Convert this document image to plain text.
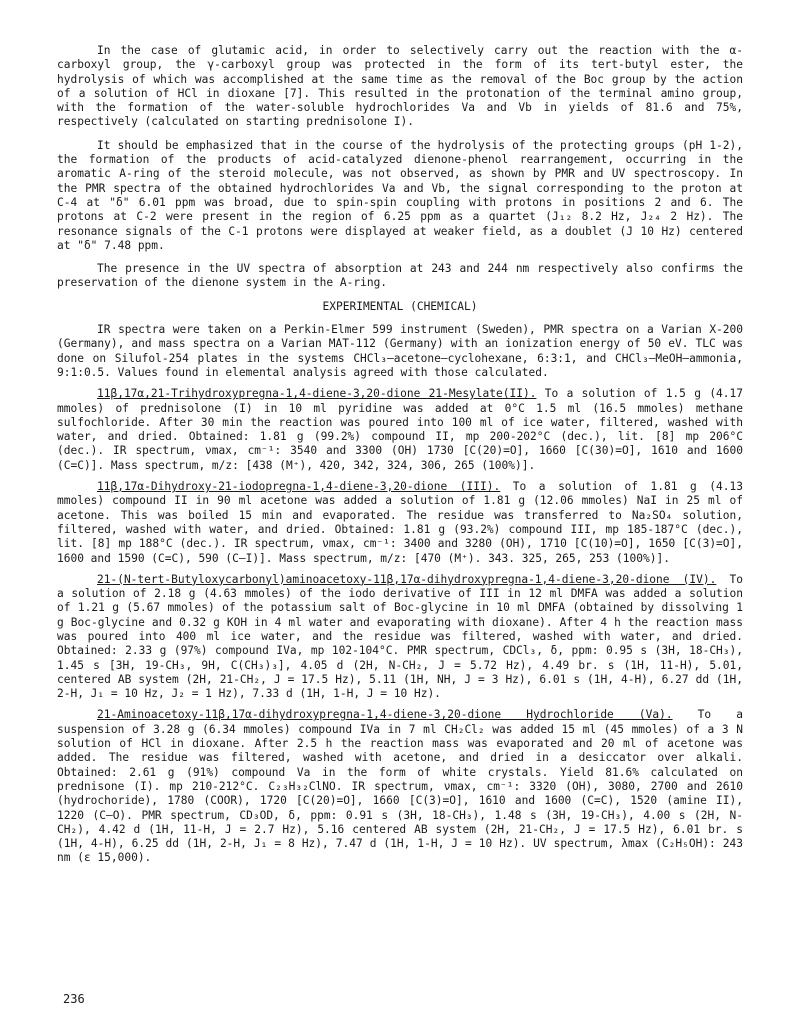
In the case of glutamic acid, in order to selectively carry out the reaction with the α-carboxyl group, the γ-carboxyl group was protected in the form of its tert-butyl ester, the hydrolysis of which was accomplished at the same time as the removal of the Boc group by the action of a solution of HCl in dioxane [7]. This resulted in the protonation of the terminal amino group, with the formation of the water-soluble hydrochlorides Va and Vb in yields of 81.6 and 75%, respectively (calculated on starting prednisolone I).

It should be emphasized that in the course of the hydrolysis of the protecting groups (pH 1-2), the formation of the products of acid-catalyzed dienone-phenol rearrangement, occurring in the aromatic A-ring of the steroid molecule, was not observed, as shown by PMR and UV spectroscopy. In the PMR spectra of the obtained hydrochlorides Va and Vb, the signal corresponding to the proton at C-4 at "δ" 6.01 ppm was broad, due to spin-spin coupling with protons in positions 2 and 6. The protons at C-2 were present in the region of 6.25 ppm as a quartet (J₁₂ 8.2 Hz, J₂₄ 2 Hz). The resonance signals of the C-1 protons were displayed at weaker field, as a doublet (J 10 Hz) centered at "δ" 7.48 ppm.

The presence in the UV spectra of absorption at 243 and 244 nm respectively also confirms the preservation of the dienone system in the A-ring.

EXPERIMENTAL (CHEMICAL)

IR spectra were taken on a Perkin-Elmer 599 instrument (Sweden), PMR spectra on a Varian X-200 (Germany), and mass spectra on a Varian MAT-112 (Germany) with an ionization energy of 50 eV. TLC was done on Silufol-254 plates in the systems CHCl₃–acetone–cyclohexane, 6:3:1, and CHCl₃–MeOH–ammonia, 9:1:0.5. Values found in elemental analysis agreed with those calculated.

11β,17α,21-Trihydroxypregna-1,4-diene-3,20-dione 21-Mesylate(II). To a solution of 1.5 g (4.17 mmoles) of prednisolone (I) in 10 ml pyridine was added at 0°C 1.5 ml (16.5 mmoles) methane sulfochloride. After 30 min the reaction was poured into 100 ml of ice water, filtered, washed with water, and dried. Obtained: 1.81 g (99.2%) compound II, mp 200-202°C (dec.), lit. [8] mp 206°C (dec.). IR spectrum, νmax, cm⁻¹: 3540 and 3300 (OH) 1730 [C(20)=O], 1660 [C(30)=O], 1610 and 1600 (C=C)]. Mass spectrum, m/z: [438 (M⁺), 420, 342, 324, 306, 265 (100%)].

11β,17α-Dihydroxy-21-iodopregna-1,4-diene-3,20-dione (III). To a solution of 1.81 g (4.13 mmoles) compound II in 90 ml acetone was added a solution of 1.81 g (12.06 mmoles) NaI in 25 ml of acetone. This was boiled 15 min and evaporated. The residue was transferred to Na₂SO₄ solution, filtered, washed with water, and dried. Obtained: 1.81 g (93.2%) compound III, mp 185-187°C (dec.), lit. [8] mp 188°C (dec.). IR spectrum, νmax, cm⁻¹: 3400 and 3280 (OH), 1710 [C(10)=O], 1650 [C(3)=O], 1600 and 1590 (C=C), 590 (C–I)]. Mass spectrum, m/z: [470 (M⁺). 343. 325, 265, 253 (100%)].

21-(N-tert-Butyloxycarbonyl)aminoacetoxy-11β,17α-dihydroxypregna-1,4-diene-3,20-dione (IV). To a solution of 2.18 g (4.63 mmoles) of the iodo derivative of III in 12 ml DMFA was added a solution of 1.21 g (5.67 mmoles) of the potassium salt of Boc-glycine in 10 ml DMFA (obtained by dissolving 1 g Boc-glycine and 0.32 g KOH in 4 ml water and evaporating with dioxane). After 4 h the reaction mass was poured into 400 ml ice water, and the residue was filtered, washed with water, and dried. Obtained: 2.33 g (97%) compound IVa, mp 102-104°C. PMR spectrum, CDCl₃, δ, ppm: 0.95 s (3H, 18-CH₃), 1.45 s [3H, 19-CH₃, 9H, C(CH₃)₃], 4.05 d (2H, N-CH₂, J = 5.72 Hz), 4.49 br. s (1H, 11-H), 5.01, centered AB system (2H, 21-CH₂, J = 17.5 Hz), 5.11 (1H, NH, J = 3 Hz), 6.01 s (1H, 4-H), 6.27 dd (1H, 2-H, J₁ = 10 Hz, J₂ = 1 Hz), 7.33 d (1H, 1-H, J = 10 Hz).

21-Aminoacetoxy-11β,17α-dihydroxypregna-1,4-diene-3,20-dione Hydrochloride (Va). To a suspension of 3.28 g (6.34 mmoles) compound IVa in 7 ml CH₂Cl₂ was added 15 ml (45 mmoles) of a 3 N solution of HCl in dioxane. After 2.5 h the reaction mass was evaporated and 20 ml of acetone was added. The residue was filtered, washed with acetone, and dried in a desiccator over alkali. Obtained: 2.61 g (91%) compound Va in the form of white crystals. Yield 81.6% calculated on prednisone (I). mp 210-212°C. C₂₃H₃₂ClNO. IR spectrum, νmax, cm⁻¹: 3320 (OH), 3080, 2700 and 2610 (hydrochoride), 1780 (COOR), 1720 [C(20)=O], 1660 [C(3)=O], 1610 and 1600 (C=C), 1520 (amine II), 1220 (C–O). PMR spectrum, CD₃OD, δ, ppm: 0.91 s (3H, 18-CH₃), 1.48 s (3H, 19-CH₃), 4.00 s (2H, N-CH₂), 4.42 d (1H, 11-H, J = 2.7 Hz), 5.16 centered AB system (2H, 21-CH₂, J = 17.5 Hz), 6.01 br. s (1H, 4-H), 6.25 dd (1H, 2-H, J₁ = 8 Hz), 7.47 d (1H, 1-H, J = 10 Hz). UV spectrum, λmax (C₂H₅OH): 243 nm (ε 15,000).

236
